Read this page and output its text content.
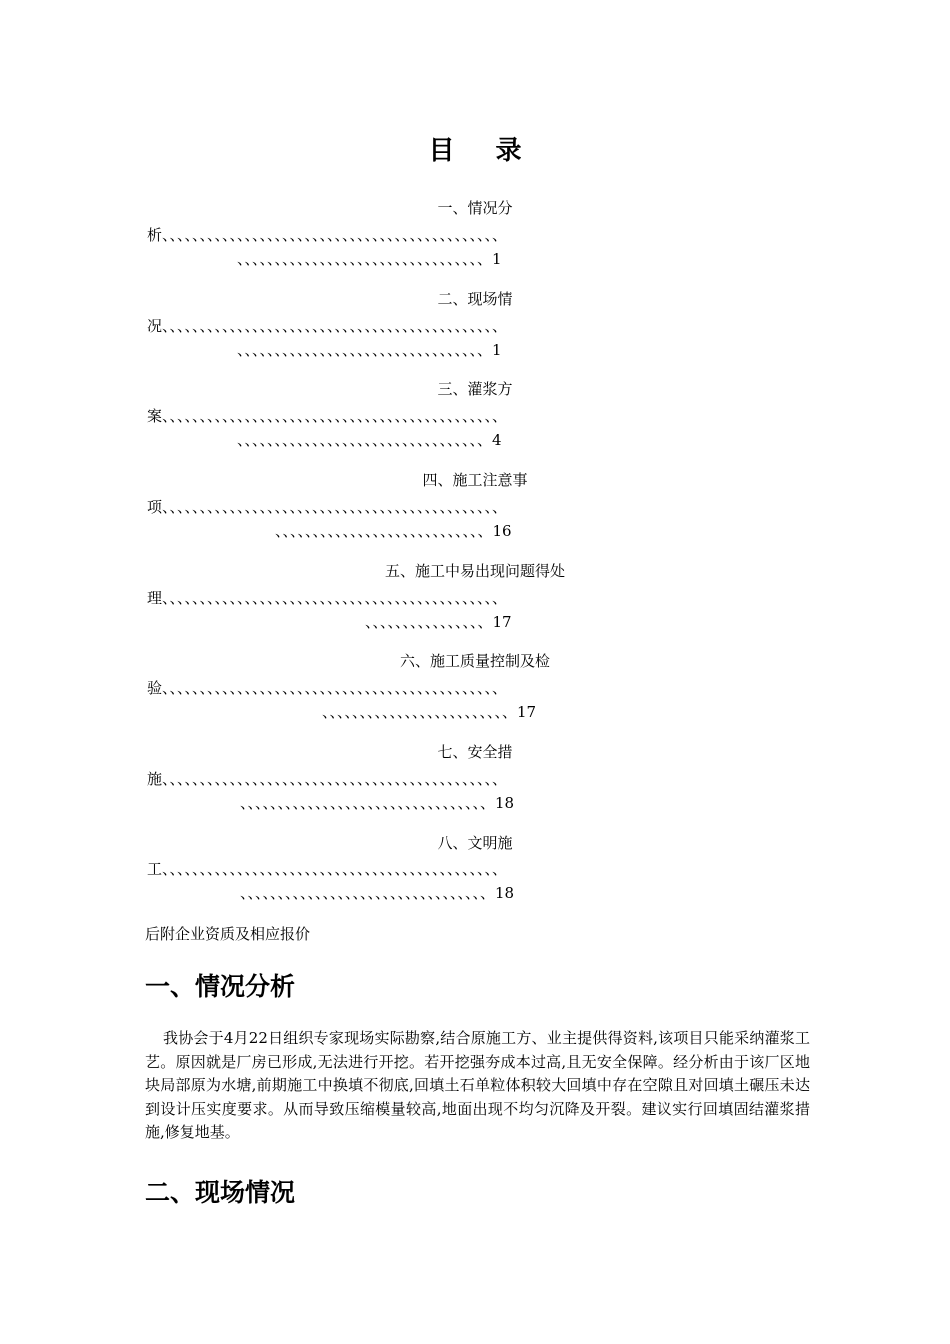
目 录
一、情况分
析、、、、、、、、、、、、、、、、、、、、、、、、、、、、、、、、、、、、、、、、、、、、、
、、、、、、、、、、、、、、、、、、、、、、、、、、、、、、、、、1
二、现场情
况、、、、、、、、、、、、、、、、、、、、、、、、、、、、、、、、、、、、、、、、、、、、、
、、、、、、、、、、、、、、、、、、、、、、、、、、、、、、、、、1
三、灌浆方
案、、、、、、、、、、、、、、、、、、、、、、、、、、、、、、、、、、、、、、、、、、、、、
、、、、、、、、、、、、、、、、、、、、、、、、、、、、、、、、、4
四、施工注意事
项、、、、、、、、、、、、、、、、、、、、、、、、、、、、、、、、、、、、、、、、、、、、、
、、、、、、、、、、、、、、、、、、、、、、、、、、、、16
五、施工中易出现问题得处
理、、、、、、、、、、、、、、、、、、、、、、、、、、、、、、、、、、、、、、、、、、、、、
、、、、、、、、、、、、、、、、17
六、施工质量控制及检
验、、、、、、、、、、、、、、、、、、、、、、、、、、、、、、、、、、、、、、、、、、、、、
、、、、、、、、、、、、、、、、、、、、、、、、、17
七、安全措
施、、、、、、、、、、、、、、、、、、、、、、、、、、、、、、、、、、、、、、、、、、、、、
、、、、、、、、、、、、、、、、、、、、、、、、、、、、、、、、、18
八、文明施
工、、、、、、、、、、、、、、、、、、、、、、、、、、、、、、、、、、、、、、、、、、、、、
、、、、、、、、、、、、、、、、、、、、、、、、、、、、、、、、、18
后附企业资质及相应报价
一、情况分析
我协会于4月22日组织专家现场实际勘察,结合原施工方、业主提供得资料,该项目只能采纳灌浆工艺。原因就是厂房已形成,无法进行开挖。若开挖强夯成本过高,且无安全保障。经分析由于该厂区地块局部原为水塘,前期施工中换填不彻底,回填土石单粒体积较大回填中存在空隙且对回填土碾压未达到设计压实度要求。从而导致压缩模量较高,地面出现不均匀沉降及开裂。建议实行回填固结灌浆措施,修复地基。
二、现场情况
